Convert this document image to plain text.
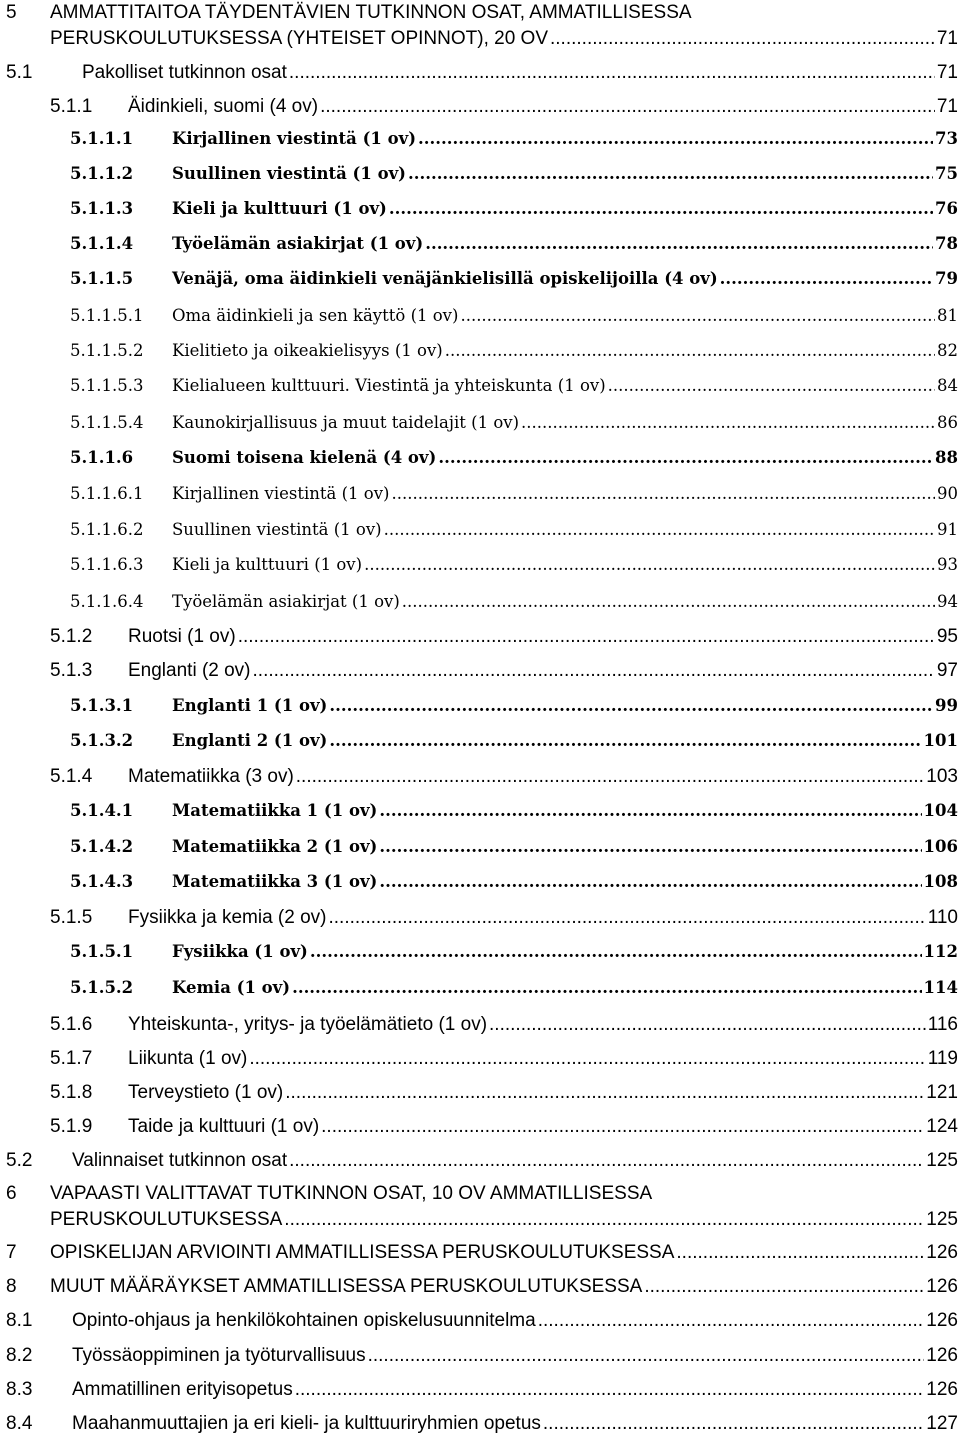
5 AMMATTITAITOA TÄYDENTÄVIEN TUTKINNON OSAT, AMMATILLISESSA
PERUSKOULUTUKSESSA (YHTEISET OPINNOT), 20 OV .....	71
5.1	Pakolliset tutkinnon osat .....	71
5.1.1 Äidinkieli, suomi (4 ov) .....	71
5.1.1.1 Kirjallinen viestintä (1 ov) .....	73
5.1.1.2 Suullinen viestintä (1 ov) .....	75
5.1.1.3 Kieli ja kulttuuri (1 ov) .....	76
5.1.1.4 Työelämän asiakirjat (1 ov) .....	78
5.1.1.5 Venäjä, oma äidinkieli venäjänkielisillä opiskelijoilla (4 ov) .....	79
5.1.1.5.1 Oma äidinkieli ja sen käyttö (1 ov) .....	81
5.1.1.5.2 Kielitieto ja oikeakielisyys (1 ov) .....	82
5.1.1.5.3 Kielialueen kulttuuri. Viestintä ja yhteiskunta (1 ov) .....	84
5.1.1.5.4 Kaunokirjallisuus ja muut taidelajit (1 ov) .....	86
5.1.1.6 Suomi toisena kielenä (4 ov) .....	88
5.1.1.6.1 Kirjallinen viestintä (1 ov) .....	90
5.1.1.6.2 Suullinen viestintä (1 ov) .....	91
5.1.1.6.3 Kieli ja kulttuuri (1 ov) .....	93
5.1.1.6.4 Työelämän asiakirjat (1 ov) .....	94
5.1.2 Ruotsi (1 ov) .....	95
5.1.3 Englanti (2 ov) .....	97
5.1.3.1 Englanti 1 (1 ov) .....	99
5.1.3.2 Englanti 2 (1 ov) .....	101
5.1.4 Matematiikka (3 ov) .....	103
5.1.4.1 Matematiikka 1 (1 ov) .....	104
5.1.4.2 Matematiikka 2 (1 ov) .....	106
5.1.4.3 Matematiikka 3 (1 ov) .....	108
5.1.5 Fysiikka ja kemia (2 ov) .....	110
5.1.5.1 Fysiikka (1 ov) .....	112
5.1.5.2 Kemia (1 ov) .....	114
5.1.6 Yhteiskunta-, yritys- ja työelämätieto (1 ov) .....	116
5.1.7 Liikunta (1 ov) .....	119
5.1.8 Terveystieto (1 ov) .....	121
5.1.9 Taide ja kulttuuri (1 ov) .....	124
5.2 Valinnaiset tutkinnon osat .....	125
6 VAPAASTI VALITTAVAT TUTKINNON OSAT, 10 OV AMMATILLISESSA
PERUSKOULUTUKSESSA .....	125
7 OPISKELIJAN ARVIOINTI AMMATILLISESSA PERUSKOULUTUKSESSA .....	126
8 MUUT MÄÄRÄYKSET AMMATILLISESSA PERUSKOULUTUKSESSA .....	126
8.1 Opinto-ohjaus ja henkilökohtainen opiskelusuunnitelma .....	126
8.2 Työssäoppiminen ja työturvallisuus .....	126
8.3 Ammatillinen erityisopetus .....	126
8.4 Maahanmuuttajien ja eri kieli- ja kulttuuriryhmien opetus .....	127
